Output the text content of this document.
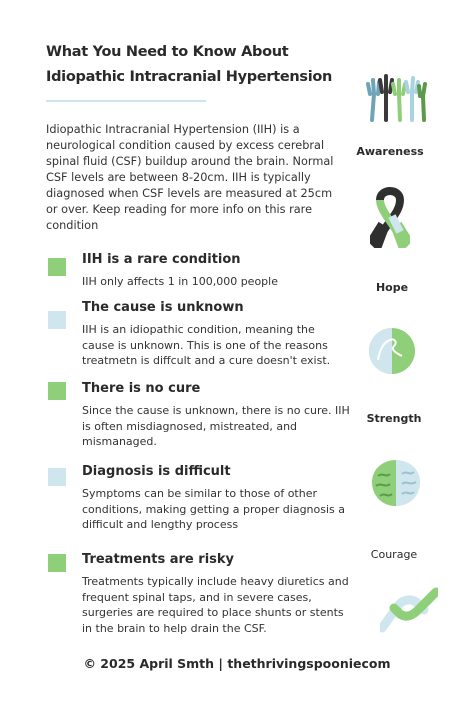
What You Need to Know About
Idiopathic Intracranial Hypertension
Idiopathic Intracranial Hypertension (IIH) is a neurological condition caused by excess cerebral spinal fluid (CSF) buildup around the brain. Normal CSF levels are between 8-20cm. IIH is typically diagnosed when CSF levels are measured at 25cm or over. Keep reading for more info on this rare condition
IIH is a rare condition
IIH only affects 1 in 100,000 people
The cause is unknown
IIH is an idiopathic condition, meaning the cause is unknown. This is one of the reasons treatmetn is diffcult and a cure doesn't exist.
There is no cure
Since the cause is unknown, there is no cure. IIH is often misdiagnosed, mistreated, and mismanaged.
Diagnosis is difficult
Symptoms can be similar to those of other conditions, making getting a proper diagnosis a difficult and lengthy process
Treatments are risky
Treatments typically include heavy diuretics and frequent spinal taps, and in severe cases, surgeries are required to place shunts or stents in the brain to help drain the CSF.
Awareness
Hope
Strength
Courage
© 2025 April Smth | thethrivingspooniecom
